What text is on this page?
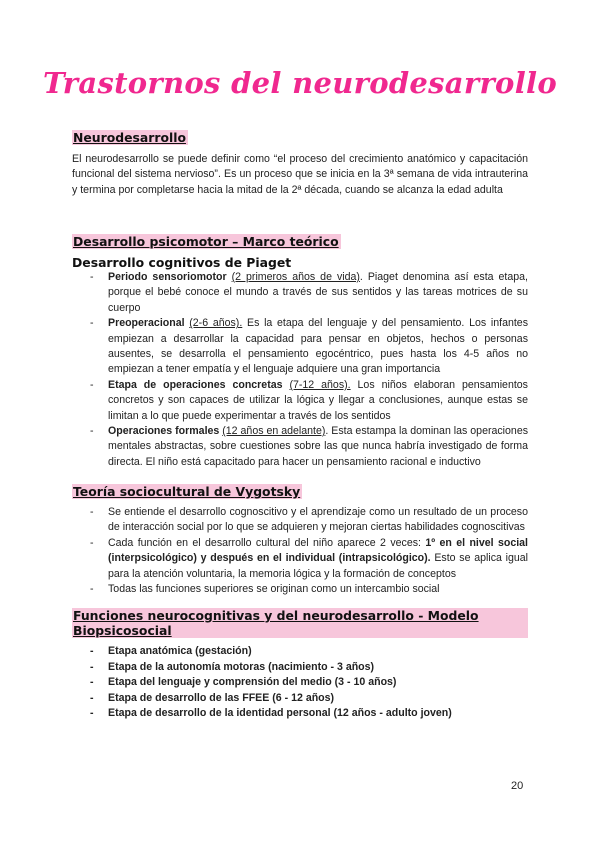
Trastornos del neurodesarrollo
Neurodesarrollo
El neurodesarrollo se puede definir como “el proceso del crecimiento anatómico y capacitación funcional del sistema nervioso”. Es un proceso que se inicia en la 3ª semana de vida intrauterina y termina por completarse hacia la mitad de la 2ª década, cuando se alcanza la edad adulta
Desarrollo psicomotor – Marco teórico
Desarrollo cognitivos de Piaget
- Periodo sensoriomotor (2 primeros años de vida). Piaget denomina así esta etapa, porque el bebé conoce el mundo a través de sus sentidos y las tareas motrices de su cuerpo
- Preoperacional (2-6 años). Es la etapa del lenguaje y del pensamiento. Los infantes empiezan a desarrollar la capacidad para pensar en objetos, hechos o personas ausentes, se desarrolla el pensamiento egocéntrico, pues hasta los 4-5 años no empiezan a tener empatía y el lenguaje adquiere una gran importancia
- Etapa de operaciones concretas (7-12 años). Los niños elaboran pensamientos concretos y son capaces de utilizar la lógica y llegar a conclusiones, aunque estas se limitan a lo que puede experimentar a través de los sentidos
- Operaciones formales (12 años en adelante). Esta estampa la dominan las operaciones mentales abstractas, sobre cuestiones sobre las que nunca habría investigado de forma directa. El niño está capacitado para hacer un pensamiento racional e inductivo
Teoría sociocultural de Vygotsky
- Se entiende el desarrollo cognoscitivo y el aprendizaje como un resultado de un proceso de interacción social por lo que se adquieren y mejoran ciertas habilidades cognoscitivas
- Cada función en el desarrollo cultural del niño aparece 2 veces: 1º en el nivel social (interpsicológico) y después en el individual (intrapsicológico). Esto se aplica igual para la atención voluntaria, la memoria lógica y la formación de conceptos
- Todas las funciones superiores se originan como un intercambio social
Funciones neurocognitivas y del neurodesarrollo - Modelo Biopsicosocial
- Etapa anatómica (gestación)
- Etapa de la autonomía motoras (nacimiento - 3 años)
- Etapa del lenguaje y comprensión del medio (3 - 10 años)
- Etapa de desarrollo de las FFEE (6 - 12 años)
- Etapa de desarrollo de la identidad personal (12 años - adulto joven)
20
